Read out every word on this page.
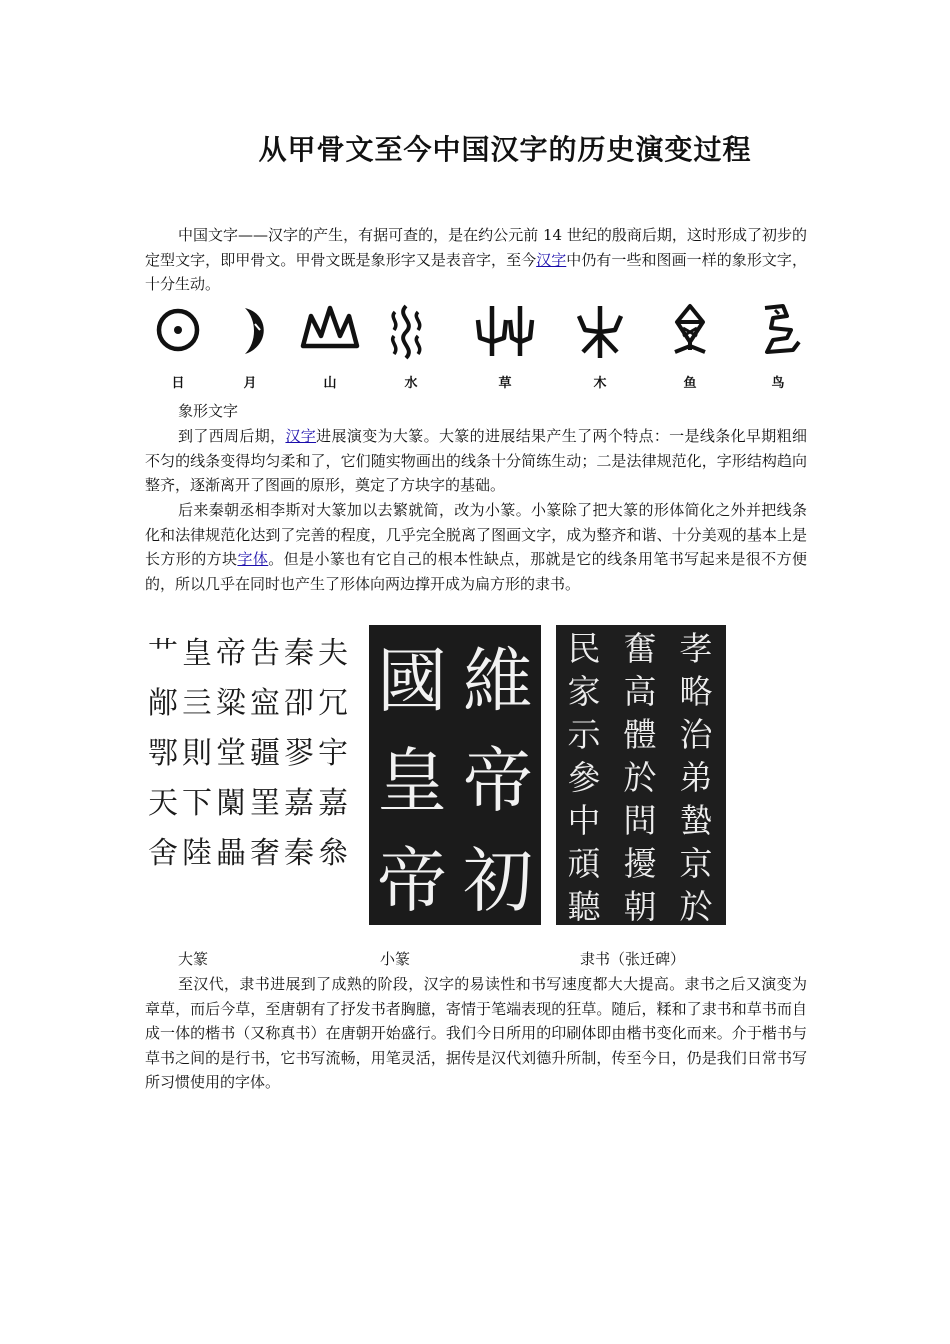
从甲骨文至今中国汉字的历史演变过程

中国文字——汉字的产生，有据可查的，是在约公元前 14 世纪的殷商后期，这时形成了初步的定型文字，即甲骨文。甲骨文既是象形字又是表音字，至今汉字中仍有一些和图画一样的象形文字，十分生动。

日	月	山	水	草	木	鱼	鸟
象形文字

到了西周后期，汉字进展演变为大篆。大篆的进展结果产生了两个特点：一是线条化早期粗细不匀的线条变得均匀柔和了，它们随实物画出的线条十分简练生动；二是法律规范化，字形结构趋向整齐，逐渐离开了图画的原形，奠定了方块字的基础。

后来秦朝丞相李斯对大篆加以去繁就简，改为小篆。小篆除了把大篆的形体简化之外并把线条化和法律规范化达到了完善的程度，几乎完全脱离了图画文字，成为整齐和谐、十分美观的基本上是长方形的方块字体。但是小篆也有它自己的根本性缺点，那就是它的线条用笔书写起来是很不方便的，所以几乎在同时也产生了形体向两边撑开成为扁方形的隶书。

艹 皇 帝 吿 秦 夫
䣊 亖 粱 寍 卲 冗
鄂 則 堂 疆 翏 宇
天 下 闑 罣 嘉 嘉
舍 陸 畾 奢 秦 叅
國
皇
帝
維
帝
初
民
家
示
參
中
頑
聽
奮
高
體
於
問
擾
朝
孝
略
治
弟
蟄
京
於
大篆	小篆	隶书（张迁碑）

至汉代，隶书进展到了成熟的阶段，汉字的易读性和书写速度都大大提高。隶书之后又演变为章草，而后今草，至唐朝有了抒发书者胸臆，寄情于笔端表现的狂草。随后，糅和了隶书和草书而自成一体的楷书（又称真书）在唐朝开始盛行。我们今日所用的印刷体即由楷书变化而来。介于楷书与草书之间的是行书，它书写流畅，用笔灵活，据传是汉代刘德升所制，传至今日，仍是我们日常书写所习惯使用的字体。
